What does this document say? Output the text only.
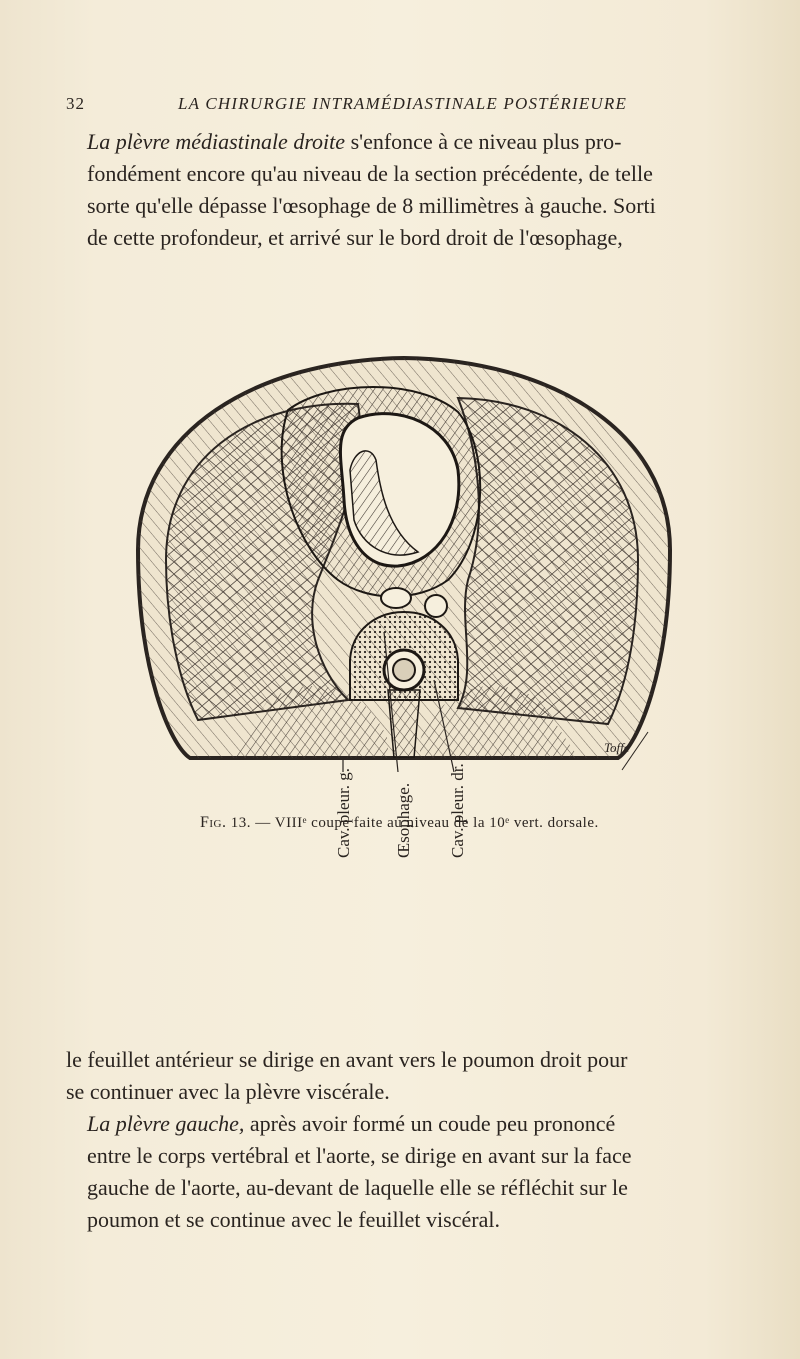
32	LA CHIRURGIE INTRAMÉDIASTINALE POSTÉRIEURE

La plèvre médiastinale droite s'enfonce à ce niveau plus pro-
fondément encore qu'au niveau de la section précédente, de telle
sorte qu'elle dépasse l'œsophage de 8 millimètres à gauche. Sorti
de cette profondeur, et arrivé sur le bord droit de l'œsophage,

Toffe
Cav. pleur. g. Œsophage. Cav. pleur. dr.
Fig. 13. — VIIIᵉ coupe faite au niveau de la 10ᵉ vert. dorsale.

le feuillet antérieur se dirige en avant vers le poumon droit pour
se continuer avec la plèvre viscérale.

La plèvre gauche, après avoir formé un coude peu prononcé
entre le corps vertébral et l'aorte, se dirige en avant sur la face
gauche de l'aorte, au-devant de laquelle elle se réfléchit sur le
poumon et se continue avec le feuillet viscéral.
